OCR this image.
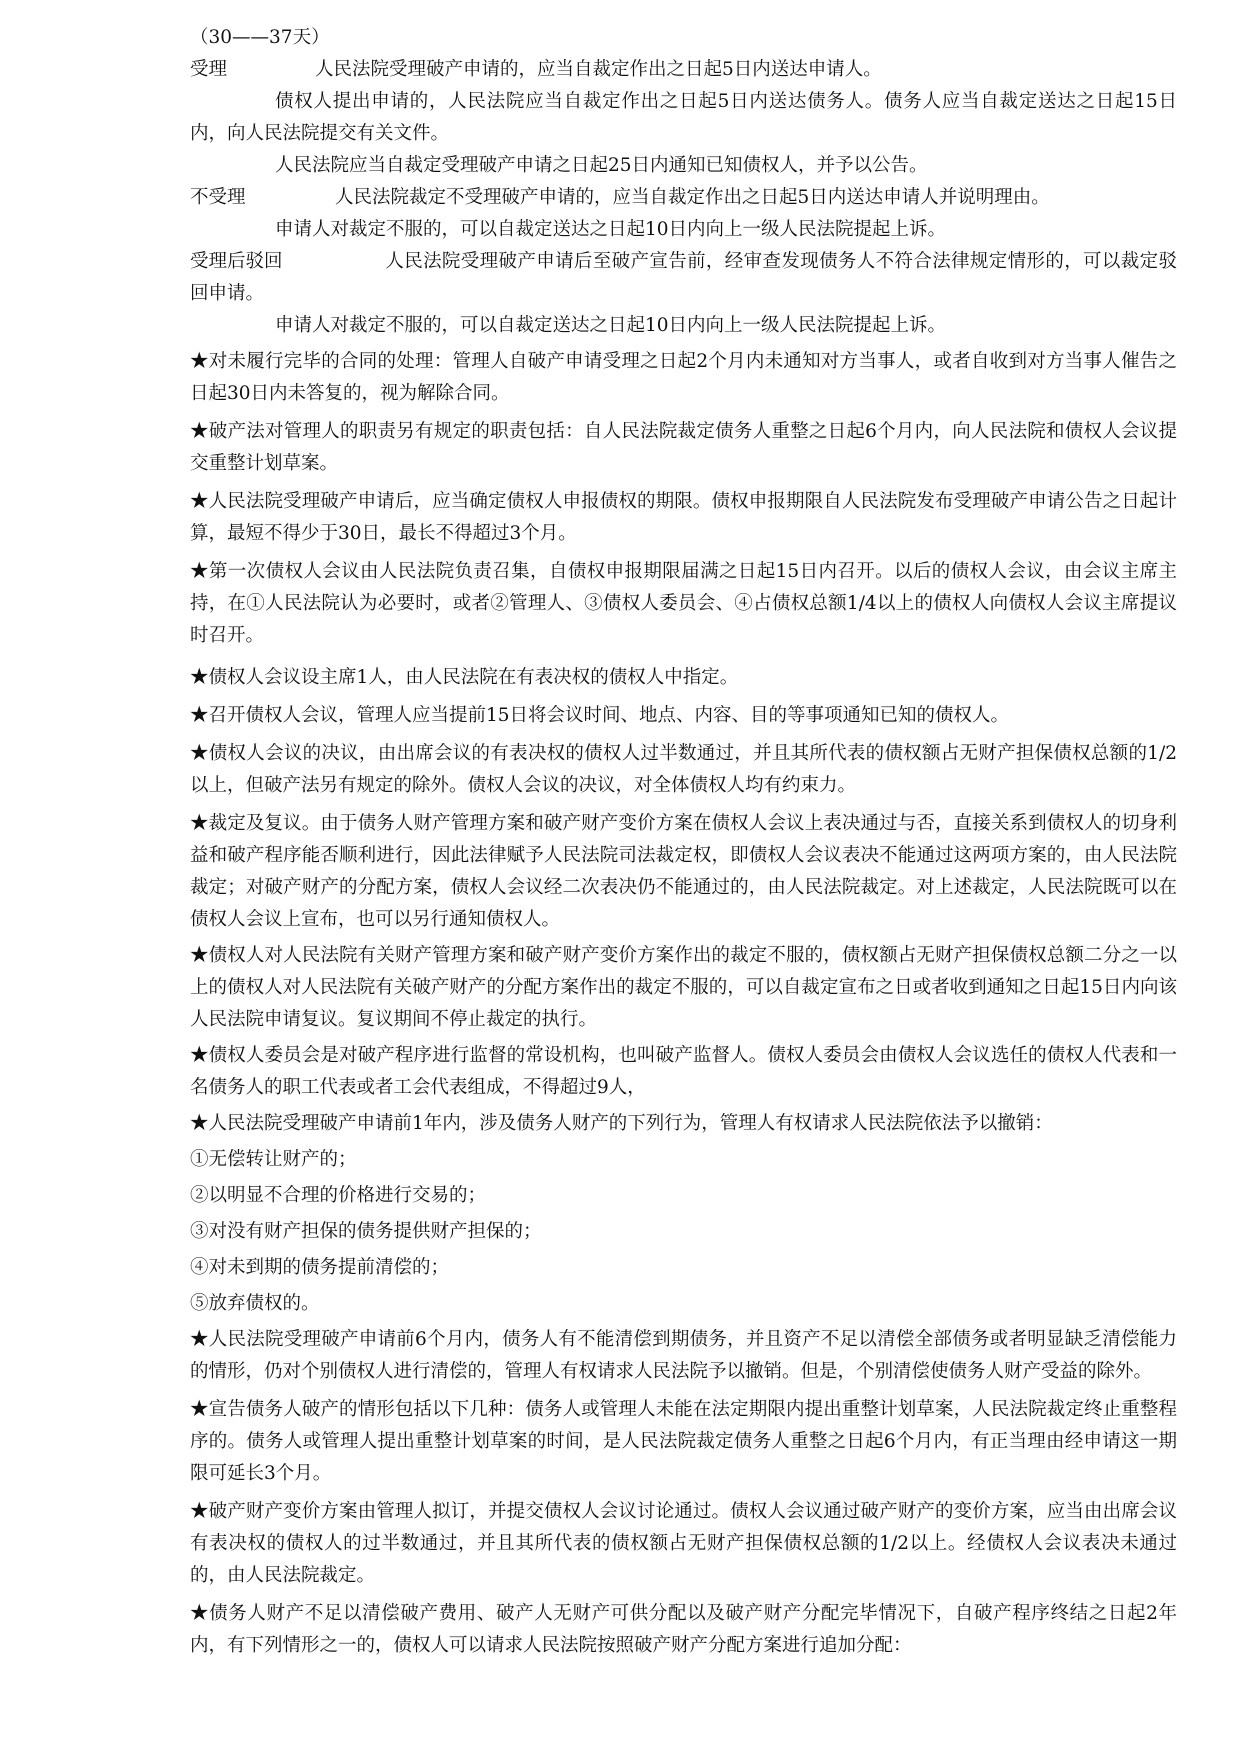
（30——37天）
受理	人民法院受理破产申请的，应当自裁定作出之日起5日内送达申请人。
债权人提出申请的，人民法院应当自裁定作出之日起5日内送达债务人。债务人应当自裁定送达之日起15日内，向人民法院提交有关文件。
人民法院应当自裁定受理破产申请之日起25日内通知已知债权人，并予以公告。
不受理	人民法院裁定不受理破产申请的，应当自裁定作出之日起5日内送达申请人并说明理由。
申请人对裁定不服的，可以自裁定送达之日起10日内向上一级人民法院提起上诉。
受理后驳回	人民法院受理破产申请后至破产宣告前，经审查发现债务人不符合法律规定情形的，可以裁定驳回申请。
申请人对裁定不服的，可以自裁定送达之日起10日内向上一级人民法院提起上诉。
★对未履行完毕的合同的处理：管理人自破产申请受理之日起2个月内未通知对方当事人，或者自收到对方当事人催告之日起30日内未答复的，视为解除合同。
★破产法对管理人的职责另有规定的职责包括：自人民法院裁定债务人重整之日起6个月内，向人民法院和债权人会议提交重整计划草案。
★人民法院受理破产申请后，应当确定债权人申报债权的期限。债权申报期限自人民法院发布受理破产申请公告之日起计算，最短不得少于30日，最长不得超过3个月。
★第一次债权人会议由人民法院负责召集，自债权申报期限届满之日起15日内召开。以后的债权人会议，由会议主席主持，在①人民法院认为必要时，或者②管理人、③债权人委员会、④占债权总额1/4以上的债权人向债权人会议主席提议时召开。
★债权人会议设主席1人，由人民法院在有表决权的债权人中指定。
★召开债权人会议，管理人应当提前15日将会议时间、地点、内容、目的等事项通知已知的债权人。
★债权人会议的决议，由出席会议的有表决权的债权人过半数通过，并且其所代表的债权额占无财产担保债权总额的1/2以上，但破产法另有规定的除外。债权人会议的决议，对全体债权人均有约束力。
★裁定及复议。由于债务人财产管理方案和破产财产变价方案在债权人会议上表决通过与否，直接关系到债权人的切身利益和破产程序能否顺利进行，因此法律赋予人民法院司法裁定权，即债权人会议表决不能通过这两项方案的，由人民法院裁定；对破产财产的分配方案，债权人会议经二次表决仍不能通过的，由人民法院裁定。对上述裁定，人民法院既可以在债权人会议上宣布，也可以另行通知债权人。
★债权人对人民法院有关财产管理方案和破产财产变价方案作出的裁定不服的，债权额占无财产担保债权总额二分之一以上的债权人对人民法院有关破产财产的分配方案作出的裁定不服的，可以自裁定宣布之日或者收到通知之日起15日内向该人民法院申请复议。复议期间不停止裁定的执行。
★债权人委员会是对破产程序进行监督的常设机构，也叫破产监督人。债权人委员会由债权人会议选任的债权人代表和一名债务人的职工代表或者工会代表组成，不得超过9人，
★人民法院受理破产申请前1年内，涉及债务人财产的下列行为，管理人有权请求人民法院依法予以撤销：
①无偿转让财产的；
②以明显不合理的价格进行交易的；
③对没有财产担保的债务提供财产担保的；
④对未到期的债务提前清偿的；
⑤放弃债权的。
★人民法院受理破产申请前6个月内，债务人有不能清偿到期债务，并且资产不足以清偿全部债务或者明显缺乏清偿能力的情形，仍对个别债权人进行清偿的，管理人有权请求人民法院予以撤销。但是，个别清偿使债务人财产受益的除外。
★宣告债务人破产的情形包括以下几种：债务人或管理人未能在法定期限内提出重整计划草案，人民法院裁定终止重整程序的。债务人或管理人提出重整计划草案的时间，是人民法院裁定债务人重整之日起6个月内，有正当理由经申请这一期限可延长3个月。
★破产财产变价方案由管理人拟订，并提交债权人会议讨论通过。债权人会议通过破产财产的变价方案，应当由出席会议有表决权的债权人的过半数通过，并且其所代表的债权额占无财产担保债权总额的1/2以上。经债权人会议表决未通过的，由人民法院裁定。
★债务人财产不足以清偿破产费用、破产人无财产可供分配以及破产财产分配完毕情况下，自破产程序终结之日起2年内，有下列情形之一的，债权人可以请求人民法院按照破产财产分配方案进行追加分配：
